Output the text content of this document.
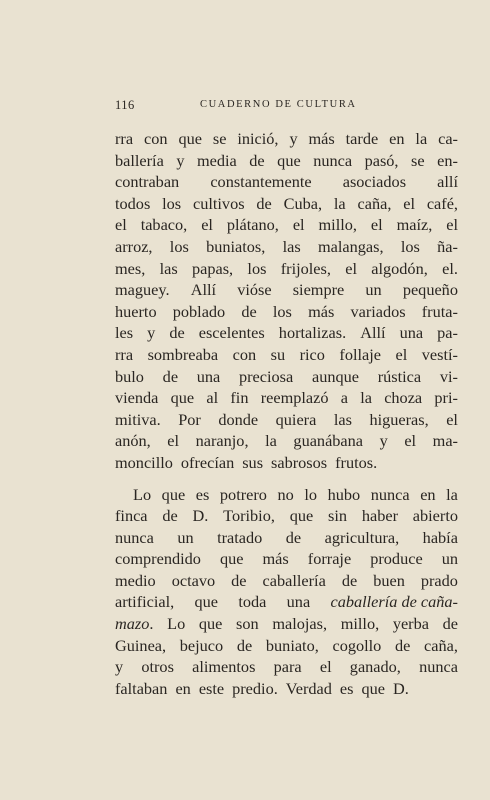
116	CUADERNO DE CULTURA
rra con que se inició, y más tarde en la ca-
ballería y media de que nunca pasó, se en-
contraban constantemente asociados allí
todos los cultivos de Cuba, la caña, el café,
el tabaco, el plátano, el millo, el maíz, el
arroz, los buniatos, las malangas, los ña-
mes, las papas, los frijoles, el algodón, el.
maguey. Allí vióse siempre un pequeño
huerto poblado de los más variados fruta-
les y de escelentes hortalizas. Allí una pa-
rra sombreaba con su rico follaje el vestí-
bulo de una preciosa aunque rústica vi-
vienda que al fin reemplazó a la choza pri-
mitiva. Por donde quiera las higueras, el
anón, el naranjo, la guanábana y el ma-
moncillo ofrecían sus sabrosos frutos.
Lo que es potrero no lo hubo nunca en la
finca de D. Toribio, que sin haber abierto
nunca un tratado de agricultura, había
comprendido que más forraje produce un
medio octavo de caballería de buen prado
artificial, que toda una caballería de caña-
mazo. Lo que son malojas, millo, yerba de
Guinea, bejuco de buniato, cogollo de caña,
y otros alimentos para el ganado, nunca
faltaban en este predio. Verdad es que D.
